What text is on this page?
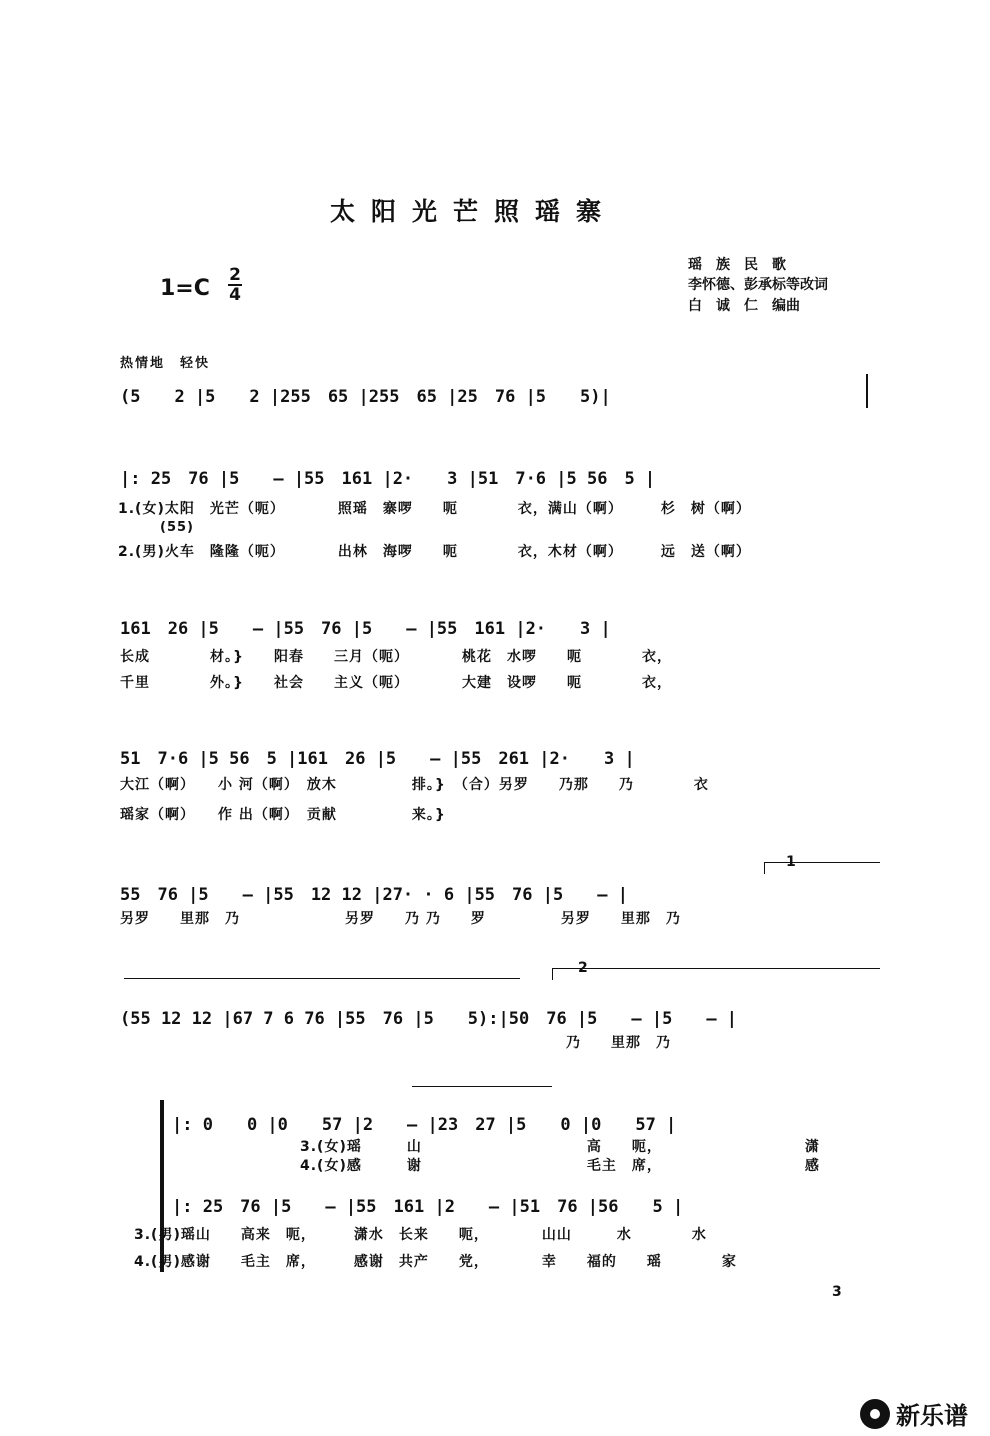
太阳光芒照瑶寨
瑶　族　民　歌
李怀德、彭承标等改词
白　诚　仁　编曲
1=C
2
4
热情地　轻快
(5　　2 |5　　2 |255　65 |255　65 |25　76 |5　　5)|
|: 25　76 |5　　— |55　161 |2·　　3 |51　7·6 |5 56　5 |
(55)
1.(女)太阳　光芒（呃）　　　　照瑶　寨啰　　呃　　　　衣，满山（啊）　　　杉　树（啊）
2.(男)火车　隆隆（呃）　　　　出林　海啰　　呃　　　　衣，木材（啊）　　　远　送（啊）
161　26 |5　　— |55　76 |5　　— |55　161 |2·　　3 |
长成　　　　材。}　　阳春　　三月（呃）　　　　桃花　水啰　　呃　　　　衣，
千里　　　　外。}　　社会　　主义（呃）　　　　大建　设啰　　呃　　　　衣，
51　7·6 |5 56　5 |161　26 |5　　— |55　261 |2·　　3 |
大江（啊）　　小 河（啊）　放木　　　　　排。}　（合）另罗　　乃那　　乃　　　　衣
瑶家（啊）　　作 出（啊）　贡献　　　　　来。}
1
55　76 |5　　— |55　12 12 |27· · 6 |55　76 |5　　— |
另罗　　里那　乃　　　　　　　另罗　　乃 乃　　罗　　　　　另罗　　里那　乃
2
(55 12 12 |67 7 6 76 |55　76 |5　　5):|50　76 |5　　— |5　　— |
乃　　里那　乃
|: 0　　0 |0　　57 |2　　— |23　27 |5　　0 |0　　57 |
3.(女)瑶　　　山　　　　　　　　　　　高　　呃，　　　　　　　　　　潇
4.(女)感　　　谢　　　　　　　　　　　毛主　席，　　　　　　　　　　感
|: 25　76 |5　　— |55　161 |2　　— |51　76 |56　　5 |
3.(男)瑶山　　高来　呃，　　　潇水　长来　　呃，　　　　山山　　　水　　　　水
4.(男)感谢　　毛主　席，　　　感谢　共产　　党，　　　　幸　　福的　　瑶　　　　家
3
新乐谱
